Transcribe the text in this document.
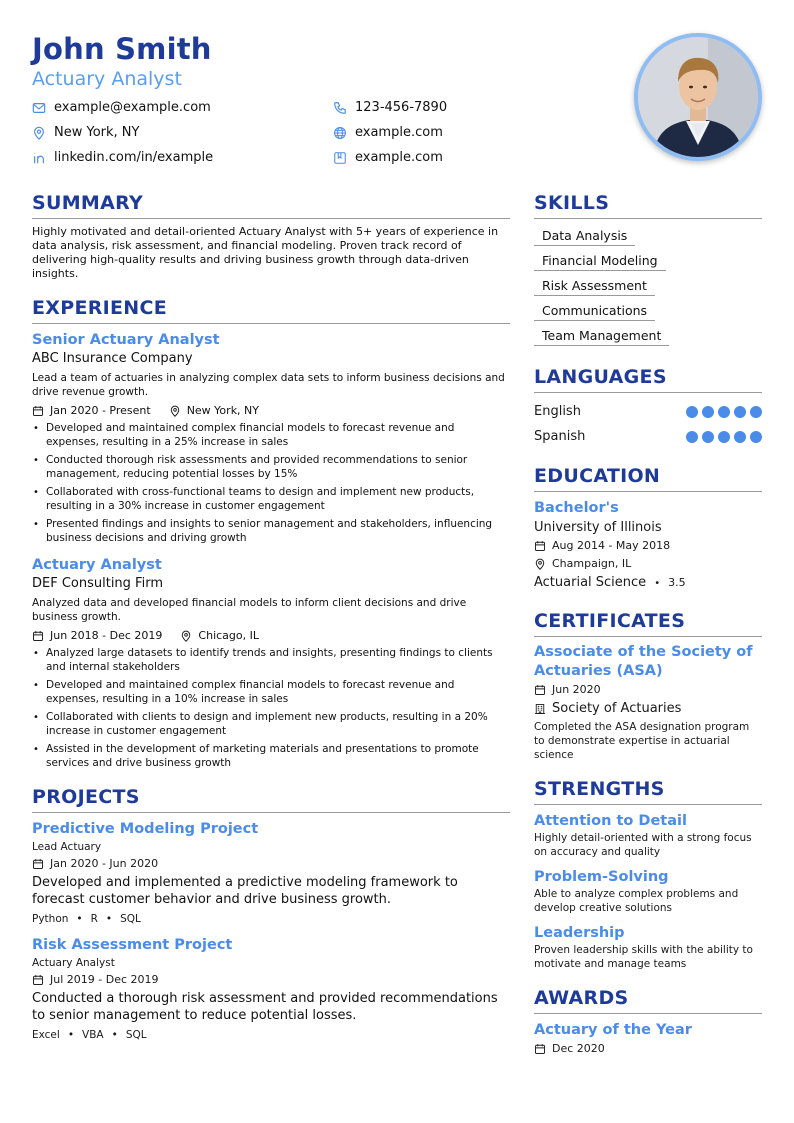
John Smith
Actuary Analyst
example@example.com	123-456-7890
New York, NY	example.com
linkedin.com/in/example	example.com
SUMMARY
Highly motivated and detail-oriented Actuary Analyst with 5+ years of experience in data analysis, risk assessment, and financial modeling. Proven track record of delivering high-quality results and driving business growth through data-driven insights.
EXPERIENCE
Senior Actuary Analyst
ABC Insurance Company
Lead a team of actuaries in analyzing complex data sets to inform business decisions and drive revenue growth.
Jan 2020 - Present	New York, NY
• Developed and maintained complex financial models to forecast revenue and expenses, resulting in a 25% increase in sales
• Conducted thorough risk assessments and provided recommendations to senior management, reducing potential losses by 15%
• Collaborated with cross-functional teams to design and implement new products, resulting in a 30% increase in customer engagement
• Presented findings and insights to senior management and stakeholders, influencing business decisions and driving growth
Actuary Analyst
DEF Consulting Firm
Analyzed data and developed financial models to inform client decisions and drive business growth.
Jun 2018 - Dec 2019	Chicago, IL
• Analyzed large datasets to identify trends and insights, presenting findings to clients and internal stakeholders
• Developed and maintained complex financial models to forecast revenue and expenses, resulting in a 10% increase in sales
• Collaborated with clients to design and implement new products, resulting in a 20% increase in customer engagement
• Assisted in the development of marketing materials and presentations to promote services and drive business growth
PROJECTS
Predictive Modeling Project
Lead Actuary
Jan 2020 - Jun 2020
Developed and implemented a predictive modeling framework to forecast customer behavior and drive business growth.
Python • R • SQL
Risk Assessment Project
Actuary Analyst
Jul 2019 - Dec 2019
Conducted a thorough risk assessment and provided recommendations to senior management to reduce potential losses.
Excel • VBA • SQL
SKILLS
Data Analysis
Financial Modeling
Risk Assessment
Communications
Team Management
LANGUAGES
English
Spanish
EDUCATION
Bachelor's
University of Illinois
Aug 2014 - May 2018
Champaign, IL
Actuarial Science • 3.5
CERTIFICATES
Associate of the Society of Actuaries (ASA)
Jun 2020
Society of Actuaries
Completed the ASA designation program to demonstrate expertise in actuarial science
STRENGTHS
Attention to Detail
Highly detail-oriented with a strong focus on accuracy and quality
Problem-Solving
Able to analyze complex problems and develop creative solutions
Leadership
Proven leadership skills with the ability to motivate and manage teams
AWARDS
Actuary of the Year
Dec 2020
